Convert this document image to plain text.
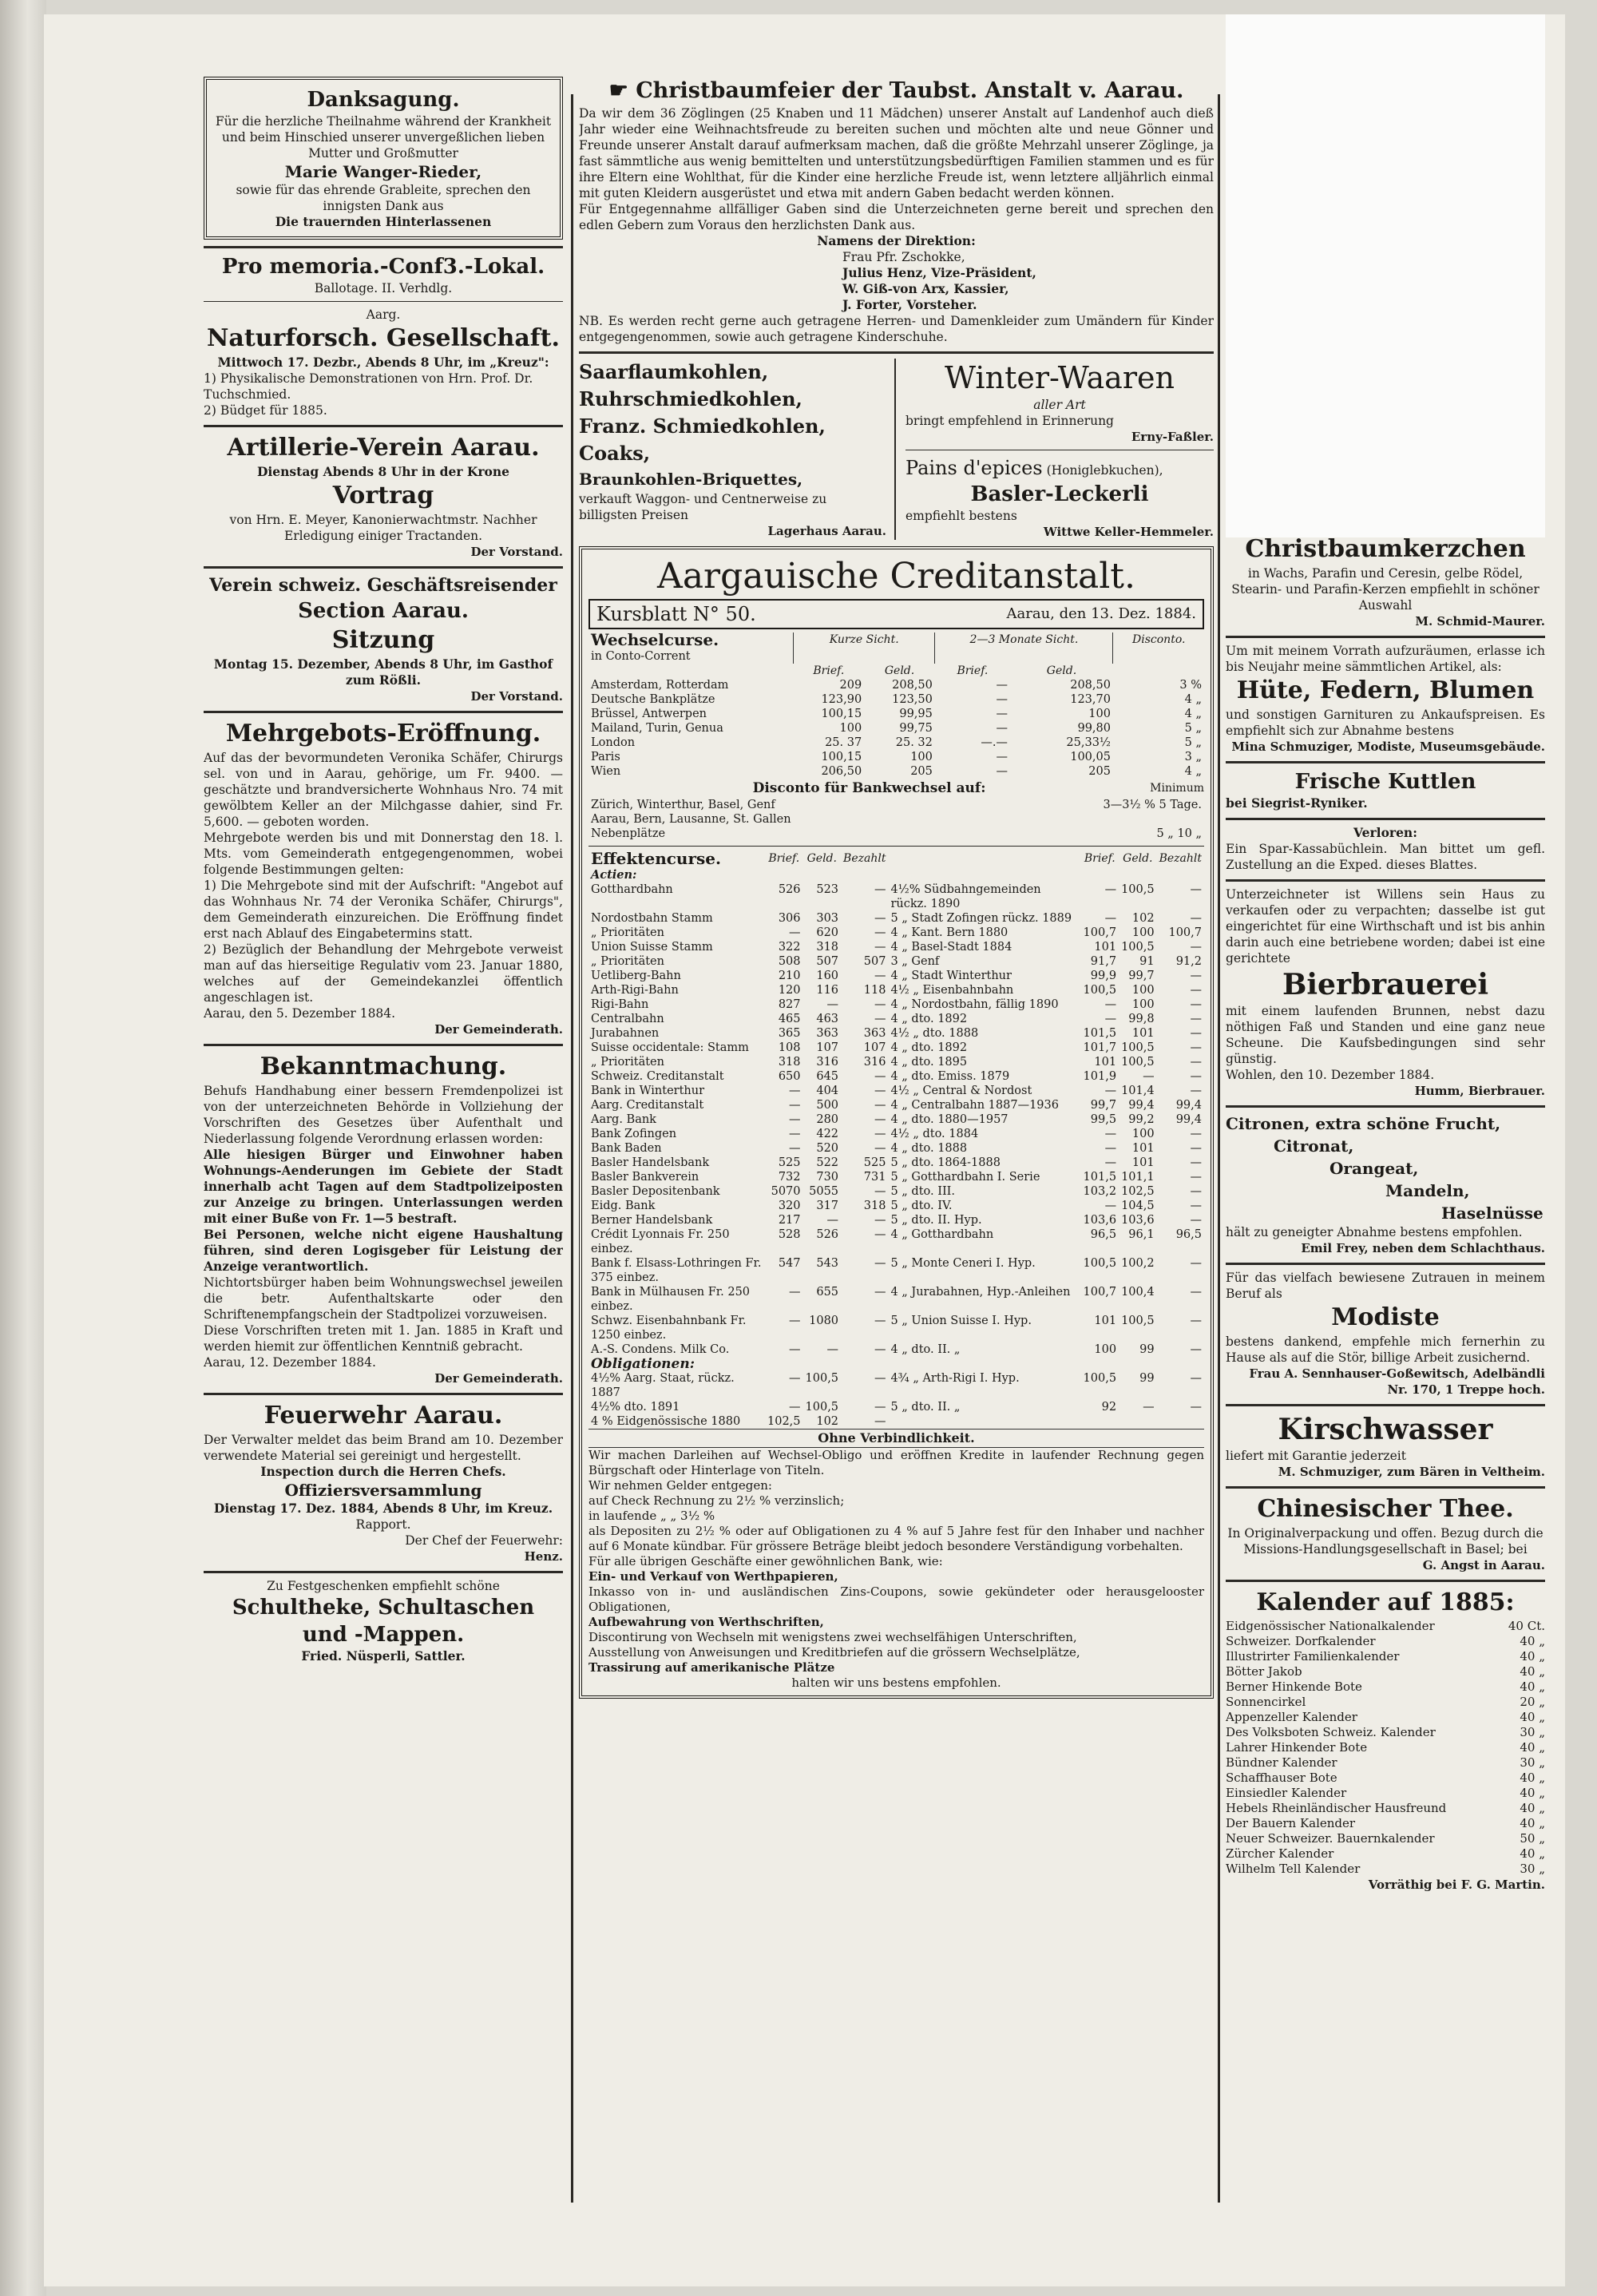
Danksagung.

Für die herzliche Theilnahme während der Krankheit und beim Hinschied unserer unvergeßlichen lieben Mutter und Großmutter

Marie Wanger-Rieder,

sowie für das ehrende Grableite, sprechen den innigsten Dank aus

Die trauernden Hinterlassenen

Pro memoria.-Conf3.-Lokal.

Ballotage. II. Verhdlg.

Aarg.

Naturforsch. Gesellschaft.

Mittwoch 17. Dezbr., Abends 8 Uhr, im „Kreuz":

1) Physikalische Demonstrationen von Hrn. Prof. Dr. Tuchschmied.

2) Büdget für 1885.

Artillerie-Verein Aarau.

Dienstag Abends 8 Uhr in der Krone

Vortrag

von Hrn. E. Meyer, Kanonierwachtmstr. Nachher Erledigung einiger Tractanden.

Der Vorstand.

Verein schweiz. Geschäftsreisender

Section Aarau.

Sitzung

Montag 15. Dezember, Abends 8 Uhr, im Gasthof zum Rößli.

Der Vorstand.

Mehrgebots-Eröffnung.

Auf das der bevormundeten Veronika Schäfer, Chirurgs sel. von und in Aarau, gehörige, um Fr. 9400. — geschätzte und brandversicherte Wohnhaus Nro. 74 mit gewölbtem Keller an der Milchgasse dahier, sind Fr. 5,600. — geboten worden.

Mehrgebote werden bis und mit Donnerstag den 18. l. Mts. vom Gemeinderath entgegengenommen, wobei folgende Bestimmungen gelten:

1) Die Mehrgebote sind mit der Aufschrift: "Angebot auf das Wohnhaus Nr. 74 der Veronika Schäfer, Chirurgs", dem Gemeinderath einzureichen. Die Eröffnung findet erst nach Ablauf des Eingabetermins statt.

2) Bezüglich der Behandlung der Mehrgebote verweist man auf das hierseitige Regulativ vom 23. Januar 1880, welches auf der Gemeindekanzlei öffentlich angeschlagen ist.

Aarau, den 5. Dezember 1884.

Der Gemeinderath.

Bekanntmachung.

Behufs Handhabung einer bessern Fremdenpolizei ist von der unterzeichneten Behörde in Vollziehung der Vorschriften des Gesetzes über Aufenthalt und Niederlassung folgende Verordnung erlassen worden:

Alle hiesigen Bürger und Einwohner haben Wohnungs-Aenderungen im Gebiete der Stadt innerhalb acht Tagen auf dem Stadtpolizeiposten zur Anzeige zu bringen. Unterlassungen werden mit einer Buße von Fr. 1—5 bestraft.

Bei Personen, welche nicht eigene Haushaltung führen, sind deren Logisgeber für Leistung der Anzeige verantwortlich.

Nichtortsbürger haben beim Wohnungswechsel jeweilen die betr. Aufenthaltskarte oder den Schriftenempfangschein der Stadtpolizei vorzuweisen.

Diese Vorschriften treten mit 1. Jan. 1885 in Kraft und werden hiemit zur öffentlichen Kenntniß gebracht.

Aarau, 12. Dezember 1884.

Der Gemeinderath.

Feuerwehr Aarau.

Der Verwalter meldet das beim Brand am 10. Dezember verwendete Material sei gereinigt und hergestellt.

Inspection durch die Herren Chefs.

Offiziersversammlung

Dienstag 17. Dez. 1884, Abends 8 Uhr, im Kreuz.

Rapport.

Der Chef der Feuerwehr:

Henz.

Zu Festgeschenken empfiehlt schöne

Schultheke, Schultaschen

und -Mappen.

Fried. Nüsperli, Sattler.

☛ Christbaumfeier der Taubst. Anstalt v. Aarau.

Da wir dem 36 Zöglingen (25 Knaben und 11 Mädchen) unserer Anstalt auf Landenhof auch dieß Jahr wieder eine Weihnachtsfreude zu bereiten suchen und möchten alte und neue Gönner und Freunde unserer Anstalt darauf aufmerksam machen, daß die größte Mehrzahl unserer Zöglinge, ja fast sämmtliche aus wenig bemittelten und unterstützungsbedürftigen Familien stammen und es für ihre Eltern eine Wohlthat, für die Kinder eine herzliche Freude ist, wenn letztere alljährlich einmal mit guten Kleidern ausgerüstet und etwa mit andern Gaben bedacht werden können.

Für Entgegennahme allfälliger Gaben sind die Unterzeichneten gerne bereit und sprechen den edlen Gebern zum Voraus den herzlichsten Dank aus.

Namens der Direktion:

Frau Pfr. Zschokke,

Julius Henz, Vize-Präsident,

W. Giß-von Arx, Kassier,

J. Forter, Vorsteher.

NB. Es werden recht gerne auch getragene Herren- und Damenkleider zum Umändern für Kinder entgegengenommen, sowie auch getragene Kinderschuhe.

Saarflaumkohlen,

Ruhrschmiedkohlen,

Franz. Schmiedkohlen,

Coaks,

Braunkohlen-Briquettes,

verkauft Waggon- und Centnerweise zu billigsten Preisen

Lagerhaus Aarau.

Winter-Waaren

aller Art

bringt empfehlend in Erinnerung

Erny-Faßler.

Pains d'epices (Honiglebkuchen),

Basler-Leckerli

empfiehlt bestens

Wittwe Keller-Hemmeler.

Aargauische Creditanstalt.

Kursblatt N° 50.	Aarau, den 13. Dez. 1884.
Wechselcurse.
in Conto-Corrent	Kurze Sicht.		2—3 Monate Sicht.		Disconto.
	Brief.	Geld.	Brief.	Geld.	
Amsterdam, Rotterdam	209	208,50	—	208,50	3 %
Deutsche Bankplätze	123,90	123,50	—	123,70	4 „
Brüssel, Antwerpen	100,15	99,95	—	100	4 „
Mailand, Turin, Genua	100	99,75	—	99,80	5 „
London	25. 37	25. 32	—.—	25,33½	5 „
Paris	100,15	100	—	100,05	3 „
Wien	206,50	205	—	205	4 „

Disconto für Bankwechsel auf:	Minimum

Zürich, Winterthur, Basel, Genf	3—3½ % 5 Tage.
Aarau, Bern, Lausanne, St. Gallen	
Nebenplätze	5 „ 10 „
Effektencurse.
Actien:	Brief.	Geld.	Bezahlt		Brief.	Geld.	Bezahlt
Gotthardbahn	526	523	—	4½% Südbahngemeinden rückz. 1890	—	100,5	—
Nordostbahn Stamm	306	303	—	5 „ Stadt Zofingen rückz. 1889	—	102	—
„ Prioritäten	—	620	—	4 „ Kant. Bern 1880	100,7	100	100,7
Union Suisse Stamm	322	318	—	4 „ Basel-Stadt 1884	101	100,5	—
„ Prioritäten	508	507	507	3 „ Genf	91,7	91	91,2
Uetliberg-Bahn	210	160	—	4 „ Stadt Winterthur	99,9	99,7	—
Arth-Rigi-Bahn	120	116	118	4½ „ Eisenbahnbahn	100,5	100	—
Rigi-Bahn	827	—	—	4 „ Nordostbahn, fällig 1890	—	100	—
Centralbahn	465	463	—	4 „ dto. 1892	—	99,8	—
Jurabahnen	365	363	363	4½ „ dto. 1888	101,5	101	—
Suisse occidentale: Stamm	108	107	107	4 „ dto. 1892	101,7	100,5	—
„ Prioritäten	318	316	316	4 „ dto. 1895	101	100,5	—
Schweiz. Creditanstalt	650	645	—	4 „ dto. Emiss. 1879	101,9	—	—
Bank in Winterthur	—	404	—	4½ „ Central & Nordost	—	101,4	—
Aarg. Creditanstalt	—	500	—	4 „ Centralbahn 1887—1936	99,7	99,4	99,4
Aarg. Bank	—	280	—	4 „ dto. 1880—1957	99,5	99,2	99,4
Bank Zofingen	—	422	—	4½ „ dto. 1884	—	100	—
Bank Baden	—	520	—	4 „ dto. 1888	—	101	—
Basler Handelsbank	525	522	525	5 „ dto. 1864-1888	—	101	—
Basler Bankverein	732	730	731	5 „ Gotthardbahn I. Serie	101,5	101,1	—
Basler Depositenbank	5070	5055	—	5 „ dto. III.	103,2	102,5	—
Eidg. Bank	320	317	318	5 „ dto. IV.	—	104,5	—
Berner Handelsbank	217	—	—	5 „ dto. II. Hyp.	103,6	103,6	—
Crédit Lyonnais Fr. 250 einbez.	528	526	—	4 „ Gotthardbahn	96,5	96,1	96,5
Bank f. Elsass-Lothringen Fr. 375 einbez.	547	543	—	5 „ Monte Ceneri I. Hyp.	100,5	100,2	—
Bank in Mülhausen Fr. 250 einbez.	—	655	—	4 „ Jurabahnen, Hyp.-Anleihen	100,7	100,4	—
Schwz. Eisenbahnbank Fr. 1250 einbez.	—	1080	—	5 „ Union Suisse I. Hyp.	101	100,5	—
A.-S. Condens. Milk Co.	—	—	—	4 „ dto. II. „	100	99	—
Obligationen:							
4½% Aarg. Staat, rückz. 1887	—	100,5	—	4¾ „ Arth-Rigi I. Hyp.	100,5	99	—
4½% dto. 1891	—	100,5	—	5 „ dto. II. „	92	—	—
4 % Eidgenössische 1880	102,5	102	—				

Ohne Verbindlichkeit.

Wir machen Darleihen auf Wechsel-Obligo und eröffnen Kredite in laufender Rechnung gegen Bürgschaft oder Hinterlage von Titeln.

Wir nehmen Gelder entgegen:

auf Check Rechnung zu 2½ % verzinslich;

in laufende „ „ 3½ %

als Depositen zu 2½ % oder auf Obligationen zu 4 % auf 5 Jahre fest für den Inhaber und nachher auf 6 Monate kündbar. Für grössere Beträge bleibt jedoch besondere Verständigung vorbehalten.

Für alle übrigen Geschäfte einer gewöhnlichen Bank, wie:

Ein- und Verkauf von Werthpapieren,

Inkasso von in- und ausländischen Zins-Coupons, sowie gekündeter oder herausgelooster Obligationen,

Aufbewahrung von Werthschriften,

Discontirung von Wechseln mit wenigstens zwei wechselfähigen Unterschriften,

Ausstellung von Anweisungen und Kreditbriefen auf die grössern Wechselplätze,

Trassirung auf amerikanische Plätze

halten wir uns bestens empfohlen.

Christbaumkerzchen

in Wachs, Parafin und Ceresin, gelbe Rödel, Stearin- und Parafin-Kerzen empfiehlt in schöner Auswahl

M. Schmid-Maurer.

Um mit meinem Vorrath aufzuräumen, erlasse ich bis Neujahr meine sämmtlichen Artikel, als:

Hüte, Federn, Blumen

und sonstigen Garnituren zu Ankaufspreisen. Es empfiehlt sich zur Abnahme bestens

Mina Schmuziger, Modiste, Museumsgebäude.

Frische Kuttlen

bei Siegrist-Ryniker.

Verloren:

Ein Spar-Kassabüchlein. Man bittet um gefl. Zustellung an die Exped. dieses Blattes.

Unterzeichneter ist Willens sein Haus zu verkaufen oder zu verpachten; dasselbe ist gut eingerichtet für eine Wirthschaft und ist bis anhin darin auch eine betriebene worden; dabei ist eine gerichtete

Bierbrauerei

mit einem laufenden Brunnen, nebst dazu nöthigen Faß und Standen und eine ganz neue Scheune. Die Kaufsbedingungen sind sehr günstig.

Wohlen, den 10. Dezember 1884.

Humm, Bierbrauer.

Citronen, extra schöne Frucht,

Citronat,

Orangeat,

Mandeln,

Haselnüsse

hält zu geneigter Abnahme bestens empfohlen.

Emil Frey, neben dem Schlachthaus.

Für das vielfach bewiesene Zutrauen in meinem Beruf als

Modiste

bestens dankend, empfehle mich fernerhin zu Hause als auf die Stör, billige Arbeit zusichernd.

Frau A. Sennhauser-Goßewitsch, Adelbändli Nr. 170, 1 Treppe hoch.

Kirschwasser

liefert mit Garantie jederzeit

M. Schmuziger, zum Bären in Veltheim.

Chinesischer Thee.

In Originalverpackung und offen. Bezug durch die Missions-Handlungsgesellschaft in Basel; bei

G. Angst in Aarau.

Kalender auf 1885:

Eidgenössischer Nationalkalender	40 Ct.
Schweizer. Dorfkalender	40 „
Illustrirter Familienkalender	40 „
Bötter Jakob	40 „
Berner Hinkende Bote	40 „
Sonnencirkel	20 „
Appenzeller Kalender	40 „
Des Volksboten Schweiz. Kalender	30 „
Lahrer Hinkender Bote	40 „
Bündner Kalender	30 „
Schaffhauser Bote	40 „
Einsiedler Kalender	40 „
Hebels Rheinländischer Hausfreund	40 „
Der Bauern Kalender	40 „
Neuer Schweizer. Bauernkalender	50 „
Zürcher Kalender	40 „
Wilhelm Tell Kalender	30 „

Vorräthig bei F. G. Martin.
